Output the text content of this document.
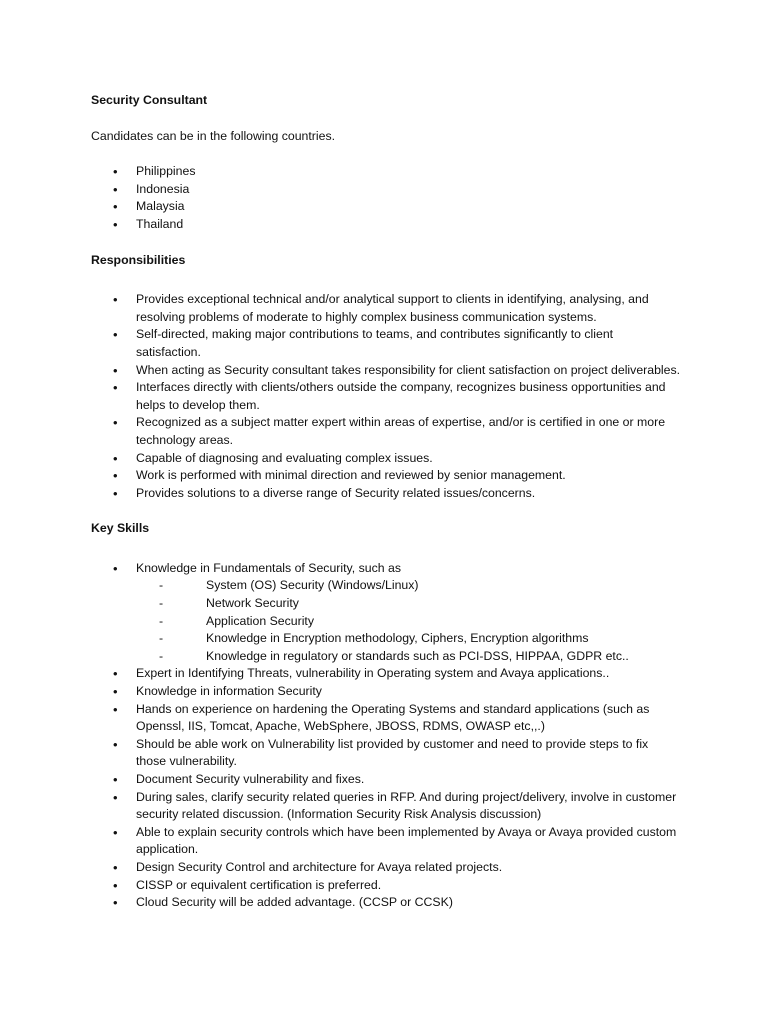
Security Consultant

Candidates can be in the following countries.

• Philippines
• Indonesia
• Malaysia
• Thailand

Responsibilities

• Provides exceptional technical and/or analytical support to clients in identifying, analysing, and resolving problems of moderate to highly complex business communication systems.
• Self-directed, making major contributions to teams, and contributes significantly to client satisfaction.
• When acting as Security consultant takes responsibility for client satisfaction on project deliverables.
• Interfaces directly with clients/others outside the company, recognizes business opportunities and helps to develop them.
• Recognized as a subject matter expert within areas of expertise, and/or is certified in one or more technology areas.
• Capable of diagnosing and evaluating complex issues.
• Work is performed with minimal direction and reviewed by senior management.
• Provides solutions to a diverse range of Security related issues/concerns.

Key Skills

• Knowledge in Fundamentals of Security, such as
- System (OS) Security (Windows/Linux)
- Network Security
- Application Security
- Knowledge in Encryption methodology, Ciphers, Encryption algorithms
- Knowledge in regulatory or standards such as PCI-DSS, HIPPAA, GDPR etc..
• Expert in Identifying Threats, vulnerability in Operating system and Avaya applications..
• Knowledge in information Security
• Hands on experience on hardening the Operating Systems and standard applications (such as Openssl, IIS, Tomcat, Apache, WebSphere, JBOSS, RDMS, OWASP etc,,.)
• Should be able work on Vulnerability list provided by customer and need to provide steps to fix those vulnerability.
• Document Security vulnerability and fixes.
• During sales, clarify security related queries in RFP. And during project/delivery, involve in customer security related discussion. (Information Security Risk Analysis discussion)
• Able to explain security controls which have been implemented by Avaya or Avaya provided custom application.
• Design Security Control and architecture for Avaya related projects.
• CISSP or equivalent certification is preferred.
• Cloud Security will be added advantage. (CCSP or CCSK)
